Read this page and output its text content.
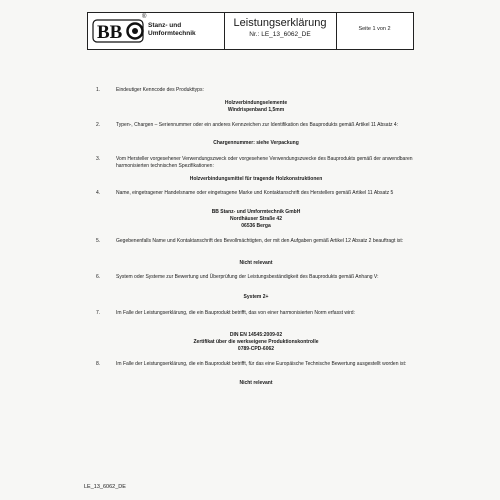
BB
®
Stanz- und
Umformtechnik
Leistungserklärung
Nr.: LE_13_6062_DE
Seite 1 von 2
1.	Eindeutiger Kenncode des Produkttyps:
Holzverbindungselemente
Windrispenband 1,5mm
2.	Typen-, Chargen – Seriennummer oder ein anderes Kennzeichen zur Identifikation des Bauprodukts gemäß Artikel 11 Absatz 4:
Chargennummer: siehe Verpackung
3.	Vom Hersteller vorgesehener Verwendungszweck oder vorgesehene Verwendungszwecke des Bauprodukts gemäß der anwendbaren harmonisierten technischen Spezifikationen:
Holzverbindungsmittel für tragende Holzkonstruktionen
4.	Name, eingetragener Handelsname oder eingetragene Marke und Kontaktanschrift des Herstellers gemäß Artikel 11 Absatz 5
BB Stanz- und Umformtechnik GmbH
Nordhäuser Straße 42
06536 Berga
5.	Gegebenenfalls Name und Kontaktanschrift des Bevollmächtigten, der mit den Aufgaben gemäß Artikel 12 Absatz 2 beauftragt ist:
Nicht relevant
6.	System oder Systeme zur Bewertung und Überprüfung der Leistungsbeständigkeit des Bauprodukts gemäß Anhang V:
System 2+
7.	Im Falle der Leistungserklärung, die ein Bauprodukt betrifft, das von einer harmonisierten Norm erfasst wird:
DIN EN 14545:2009-02
Zertifikat über die werkseigene Produktionskontrolle
0789-CPD-6062
8.	Im Falle der Leistungserklärung, die ein Bauprodukt betrifft, für das eine Europäische Technische Bewertung ausgestellt worden ist:
Nicht relevant
LE_13_6062_DE
